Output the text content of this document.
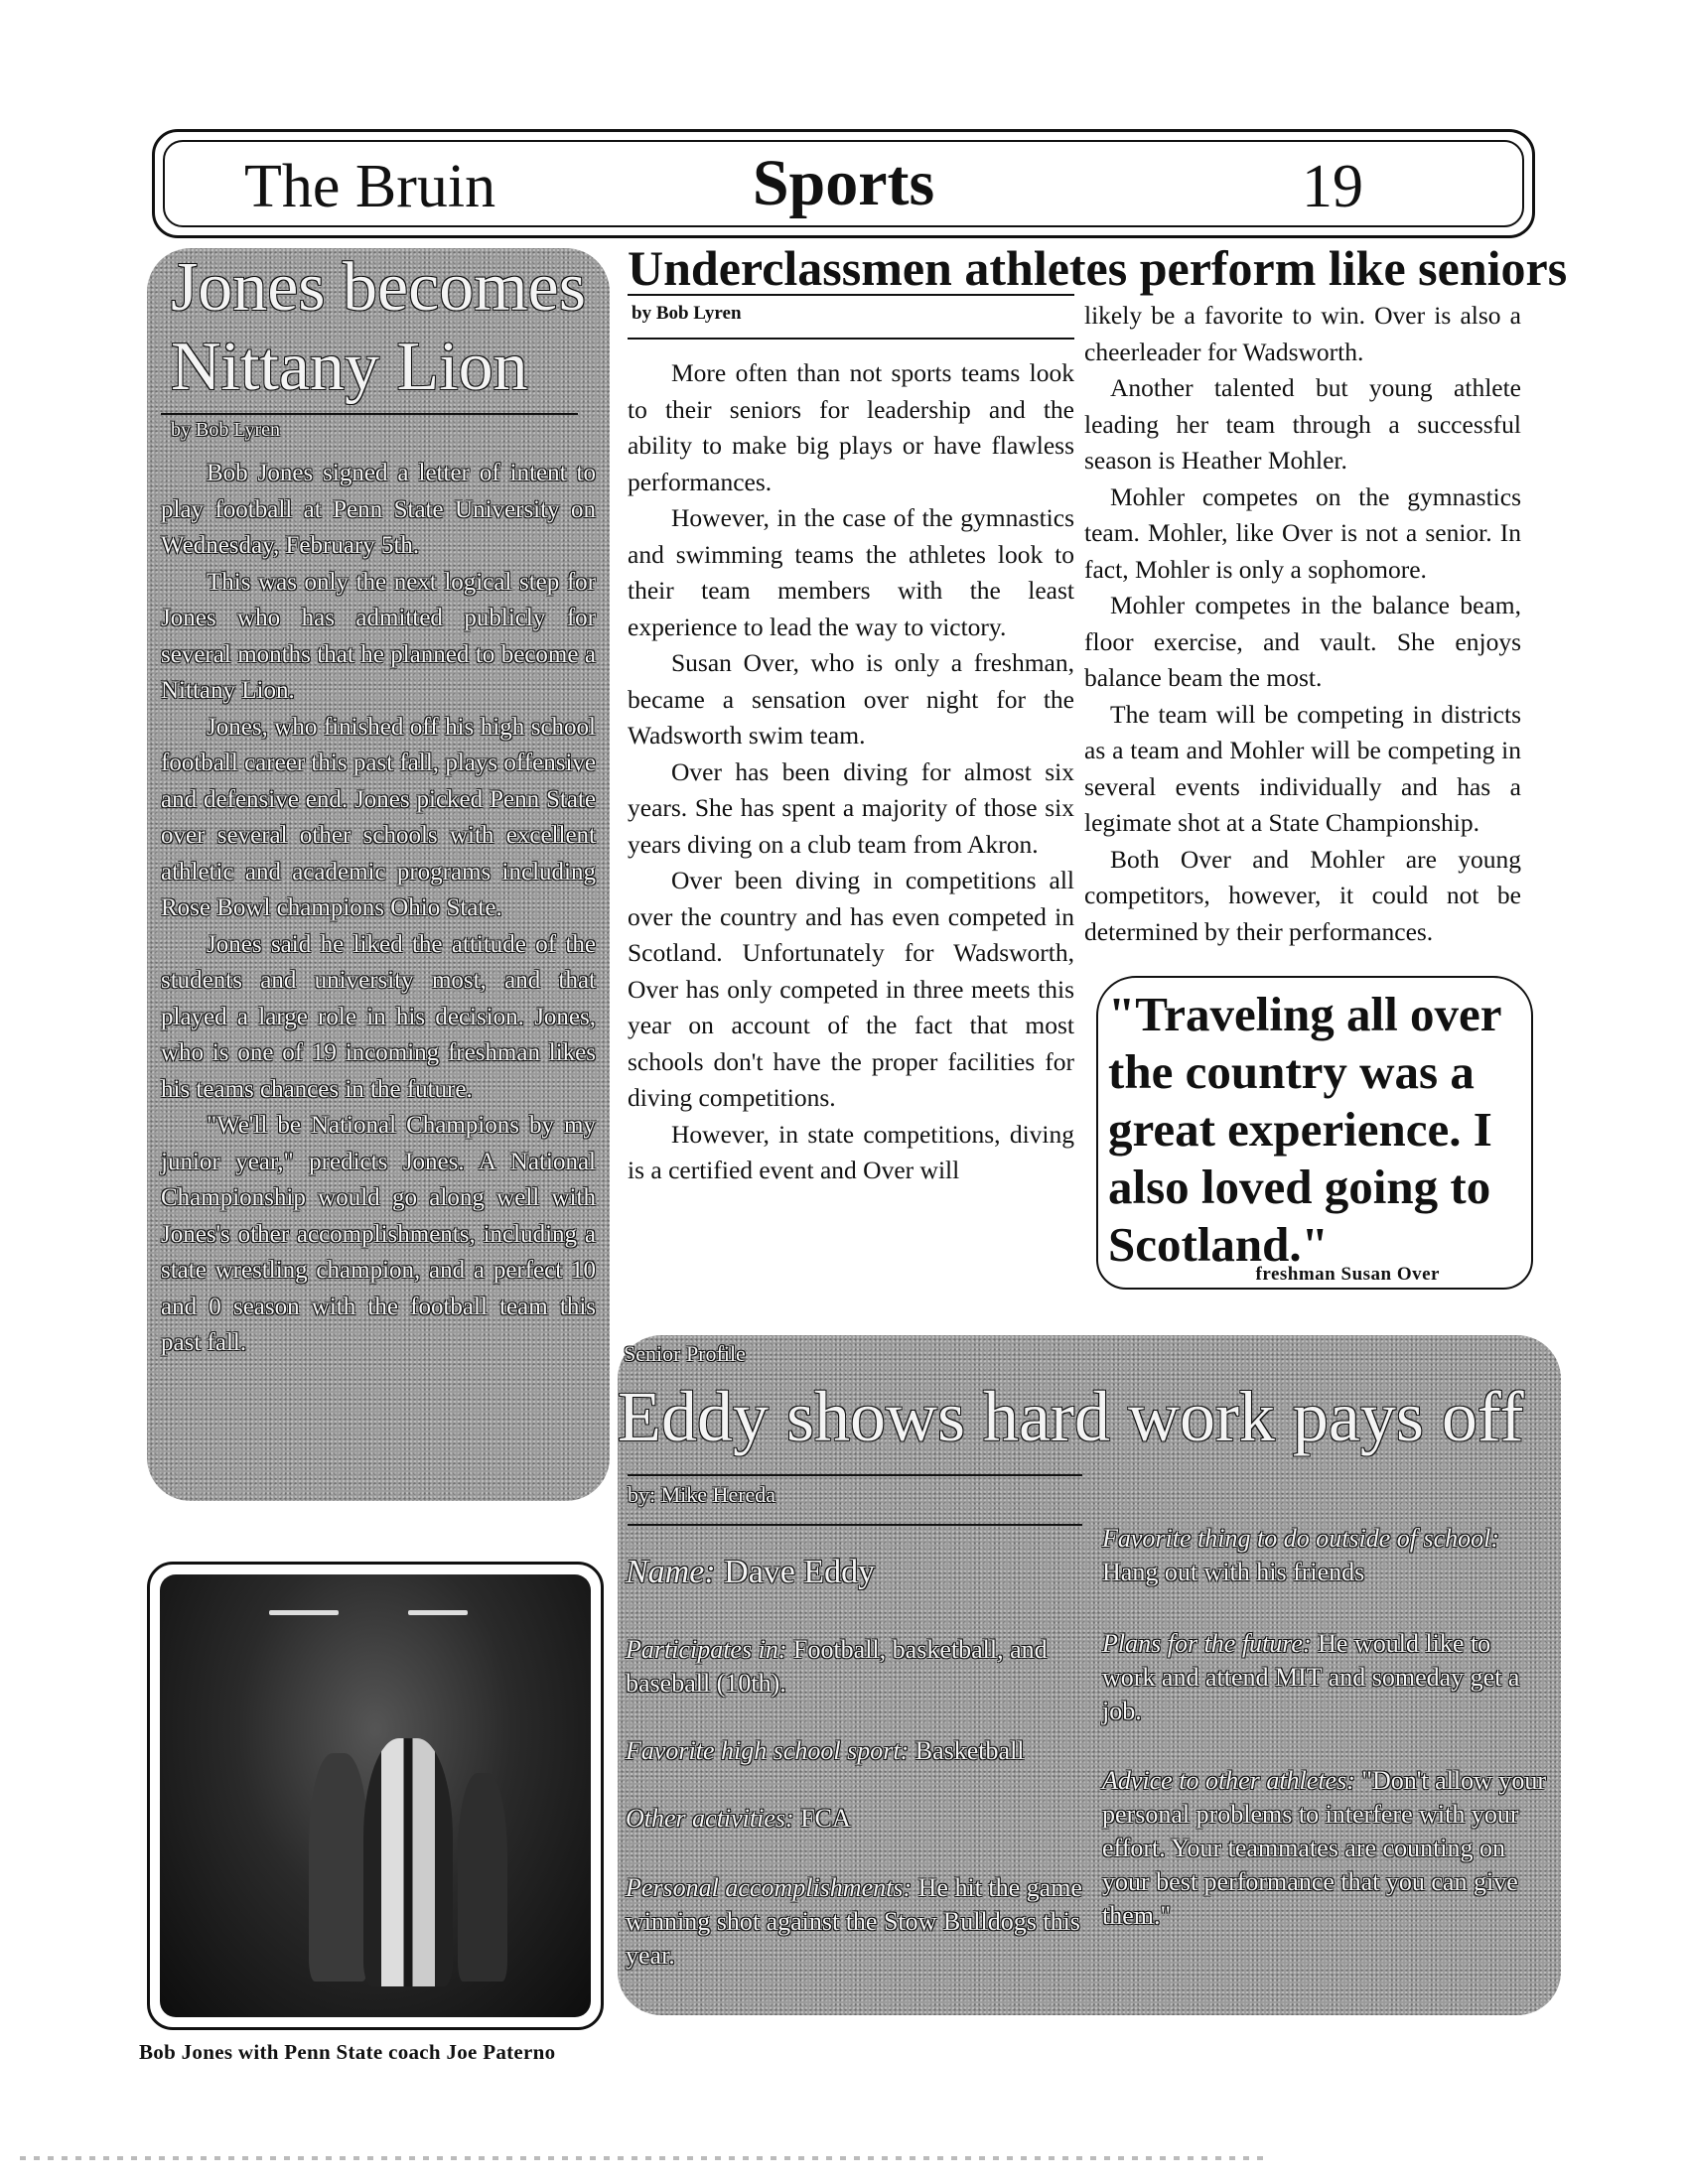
The Bruin	Sports	19
Jones becomes Nittany Lion
by Bob Lyren

Bob Jones signed a letter of intent to play football at Penn State University on Wednesday, February 5th.

This was only the next logical step for Jones who has admitted publicly for several months that he planned to become a Nittany Lion.

Jones, who finished off his high school football career this past fall, plays offensive and defensive end. Jones picked Penn State over several other schools with excellent athletic and academic programs including Rose Bowl champions Ohio State.

Jones said he liked the attitude of the students and university most, and that played a large role in his decision. Jones, who is one of 19 incoming freshman likes his teams chances in the future.

"We'll be National Champions by my junior year," predicts Jones. A National Championship would go along well with Jones's other accomplishments, including a state wrestling champion, and a perfect 10 and 0 season with the football team this past fall.

Underclassmen athletes perform like seniors
by Bob Lyren

More often than not sports teams look to their seniors for leadership and the ability to make big plays or have flawless performances.

However, in the case of the gymnastics and swimming teams the athletes look to their team members with the least experience to lead the way to victory.

Susan Over, who is only a freshman, became a sensation over night for the Wadsworth swim team.

Over has been diving for almost six years. She has spent a majority of those six years diving on a club team from Akron.

Over been diving in competitions all over the country and has even competed in Scotland. Unfortunately for Wadsworth, Over has only competed in three meets this year on account of the fact that most schools don't have the proper facilities for diving competitions.

However, in state competitions, diving is a certified event and Over will

likely be a favorite to win. Over is also a cheerleader for Wadsworth.

Another talented but young athlete leading her team through a successful season is Heather Mohler.

Mohler competes on the gymnastics team. Mohler, like Over is not a senior. In fact, Mohler is only a sophomore.

Mohler competes in the balance beam, floor exercise, and vault. She enjoys balance beam the most.

The team will be competing in districts as a team and Mohler will be competing in several events individually and has a legimate shot at a State Championship.

Both Over and Mohler are young competitors, however, it could not be determined by their performances.

"Traveling all over the country was a great experience. I also loved going to Scotland."

freshman Susan Over
Bob Jones with Penn State coach Joe Paterno
Senior Profile
Eddy shows hard work pays off
by: Mike Hereda
Name: Dave Eddy
Participates in: Football, basketball, and baseball (10th).
Favorite high school sport: Basketball
Other activities: FCA
Personal accomplishments: He hit the game winning shot against the Stow Bulldogs this year.
Favorite thing to do outside of school: Hang out with his friends
Plans for the future: He would like to work and attend MIT and someday get a job.
Advice to other athletes: "Don't allow your personal problems to interfere with your effort. Your teammates are counting on your best performance that you can give them."
